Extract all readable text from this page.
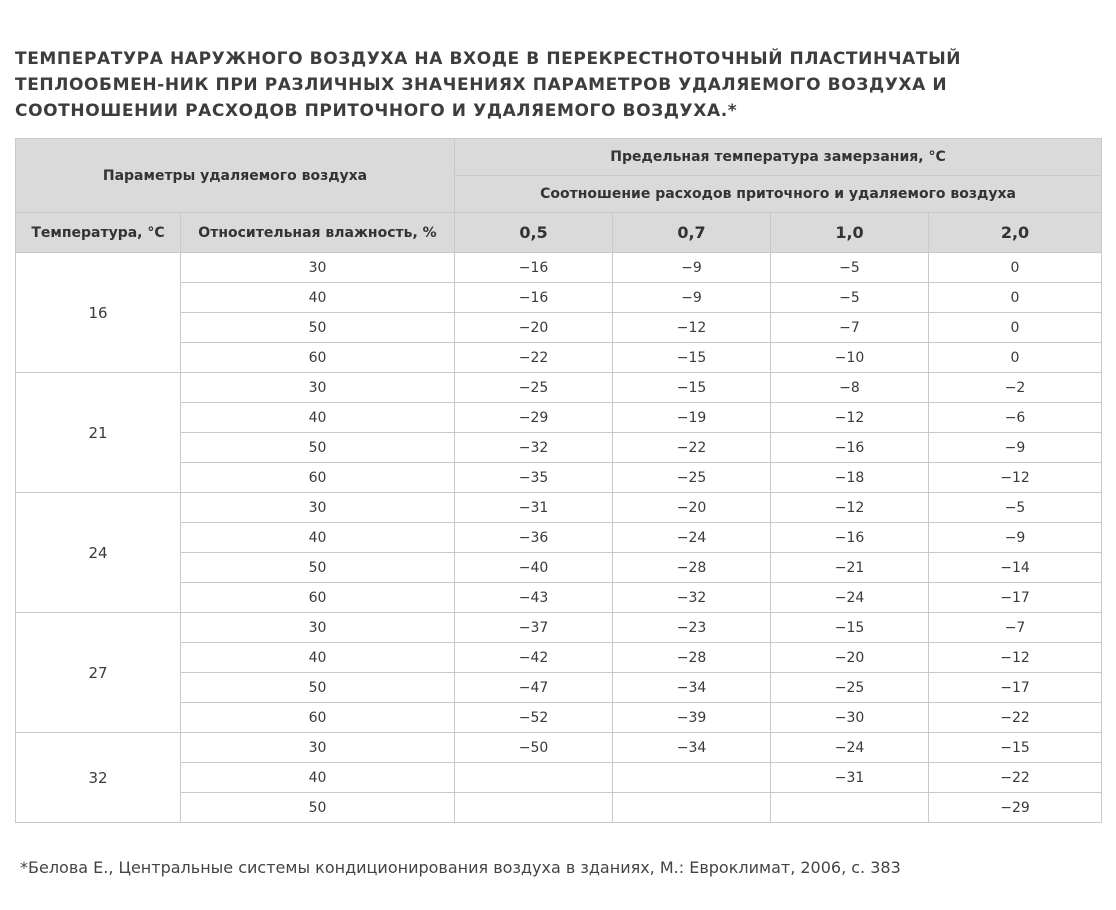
ТЕМПЕРАТУРА НАРУЖНОГО ВОЗДУХА НА ВХОДЕ В ПЕРЕКРЕСТНОТОЧНЫЙ ПЛАСТИНЧАТЫЙ ТЕПЛООБМЕН-НИК ПРИ РАЗЛИЧНЫХ ЗНАЧЕНИЯХ ПАРАМЕТРОВ УДАЛЯЕМОГО ВОЗДУХА И СООТНОШЕНИИ РАСХОДОВ ПРИТОЧНОГО И УДАЛЯЕМОГО ВОЗДУХА.*
Параметры удаляемого воздуха		Предельная температура замерзания, °С			
		Соотношение расходов приточного и удаляемого воздуха			
Температура, °С	Относительная влажность, %	0,5	0,7	1,0	2,0
16	30	−16	−9	−5	0
	40	−16	−9	−5	0
	50	−20	−12	−7	0
	60	−22	−15	−10	0
21	30	−25	−15	−8	−2
	40	−29	−19	−12	−6
	50	−32	−22	−16	−9
	60	−35	−25	−18	−12
24	30	−31	−20	−12	−5
	40	−36	−24	−16	−9
	50	−40	−28	−21	−14
	60	−43	−32	−24	−17
27	30	−37	−23	−15	−7
	40	−42	−28	−20	−12
	50	−47	−34	−25	−17
	60	−52	−39	−30	−22
32	30	−50	−34	−24	−15
	40			−31	−22
	50				−29
*Белова Е., Центральные системы кондиционирования воздуха в зданиях, М.: Евроклимат, 2006, с. 383
